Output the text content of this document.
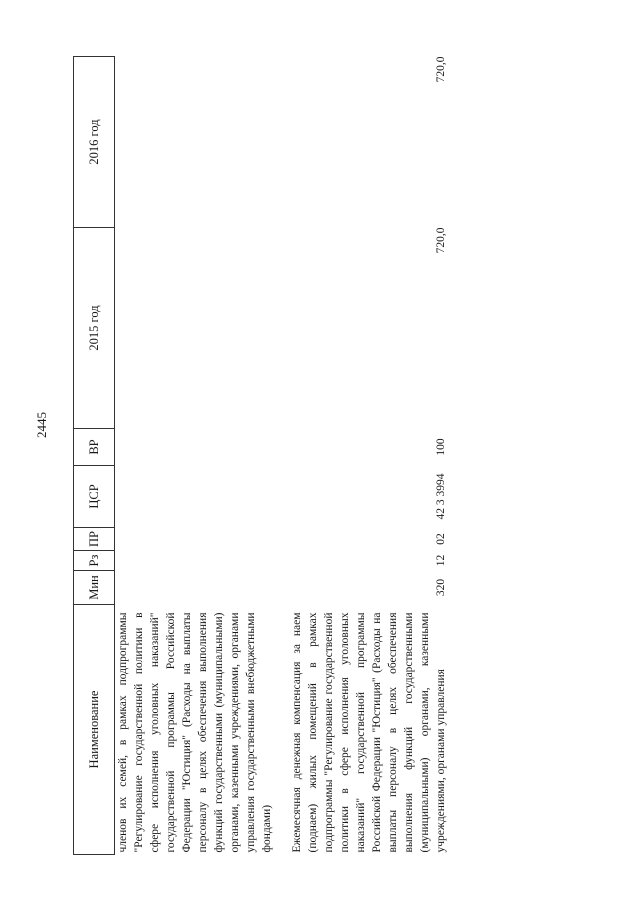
2445
Наименование	Мин	Рз	ПР	ЦСР	ВР	2015 год	2016 год
членов их семей, в рамках подпрограммы "Регулирование государственной политики в сфере исполнения уголовных наказаний" государственной программы Российской Федерации "Юстиция" (Расходы на выплаты персоналу в целях обеспечения выполнения функций государственными (муниципальными) органами, казенными учреждениями, органами управления государственными внебюджетными фондами)							

Ежемесячная денежная компенсация за наем (поднаем) жилых помещений в рамках подпрограммы "Регулирование государственной политики в сфере исполнения уголовных наказаний" государственной программы Российской Федерации "Юстиция" (Расходы на выплаты персоналу в целях обеспечения выполнения функций государственными (муниципальными) органами, казенными учреждениями, органами управления	320	12	02	42 3 3994	100	720,0	720,0
